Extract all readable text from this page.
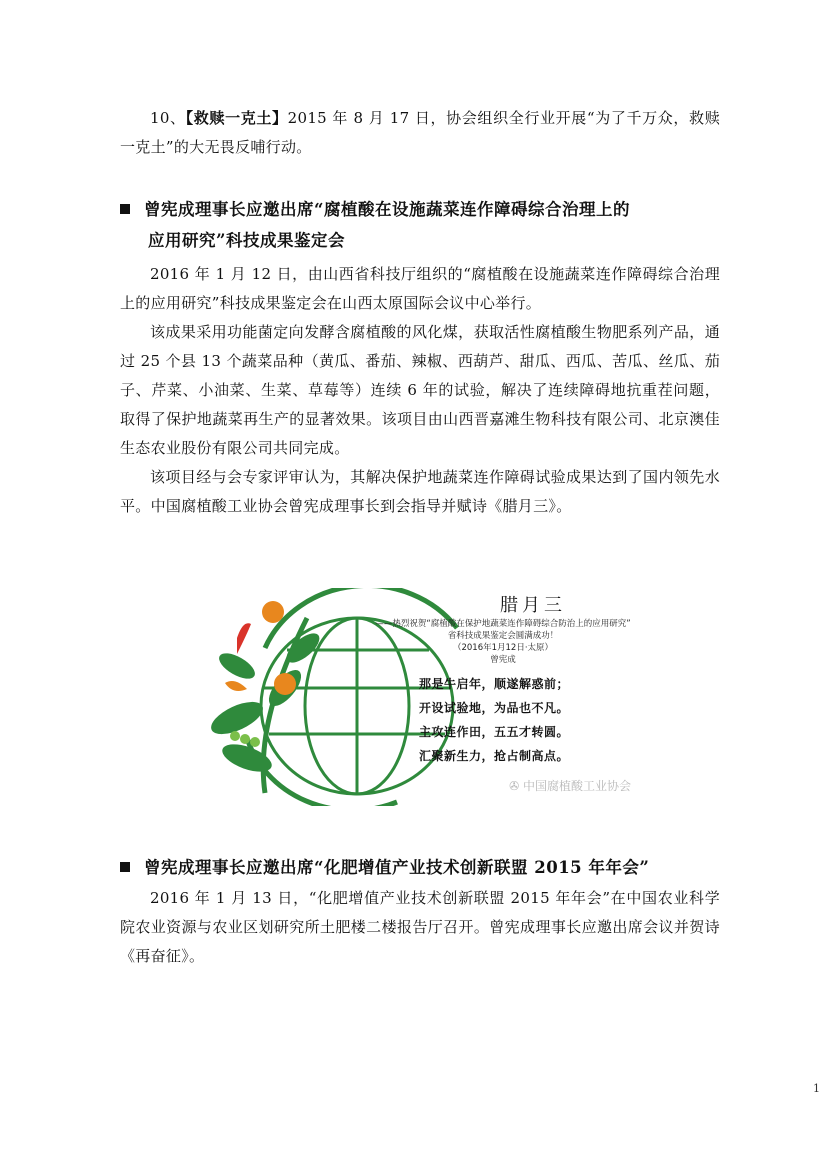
10、【救赎一克土】2015 年 8 月 17 日，协会组织全行业开展“为了千万众，救赎一克土”的大无畏反哺行动。

曾宪成理事长应邀出席“腐植酸在设施蔬菜连作障碍综合治理上的
应用研究”科技成果鉴定会

2016 年 1 月 12 日，由山西省科技厅组织的“腐植酸在设施蔬菜连作障碍综合治理上的应用研究”科技成果鉴定会在山西太原国际会议中心举行。

该成果采用功能菌定向发酵含腐植酸的风化煤，获取活性腐植酸生物肥系列产品，通过 25 个县 13 个蔬菜品种（黄瓜、番茄、辣椒、西葫芦、甜瓜、西瓜、苦瓜、丝瓜、茄子、芹菜、小油菜、生菜、草莓等）连续 6 年的试验，解决了连续障碍地抗重茬问题，取得了保护地蔬菜再生产的显著效果。该项目由山西晋嘉滩生物科技有限公司、北京澳佳生态农业股份有限公司共同完成。

该项目经与会专家评审认为，其解决保护地蔬菜连作障碍试验成果达到了国内领先水平。中国腐植酸工业协会曾宪成理事长到会指导并赋诗《腊月三》。

腊月三
——热烈祝贺“腐植酸在保护地蔬菜连作障碍综合防治上的应用研究”
省科技成果鉴定会圆满成功！
（2016年1月12日·太原）
曾宪成
那是牛启年，顺遂解惑前；
开设试验地，为品也不凡。
主攻连作田，五五才转圆。
汇聚新生力，抢占制高点。
✇ 中国腐植酸工业协会
曾宪成理事长应邀出席“化肥增值产业技术创新联盟 2015 年年会”

2016 年 1 月 13 日，“化肥增值产业技术创新联盟 2015 年年会”在中国农业科学院农业资源与农业区划研究所土肥楼二楼报告厅召开。曾宪成理事长应邀出席会议并贺诗《再奋征》。

1
